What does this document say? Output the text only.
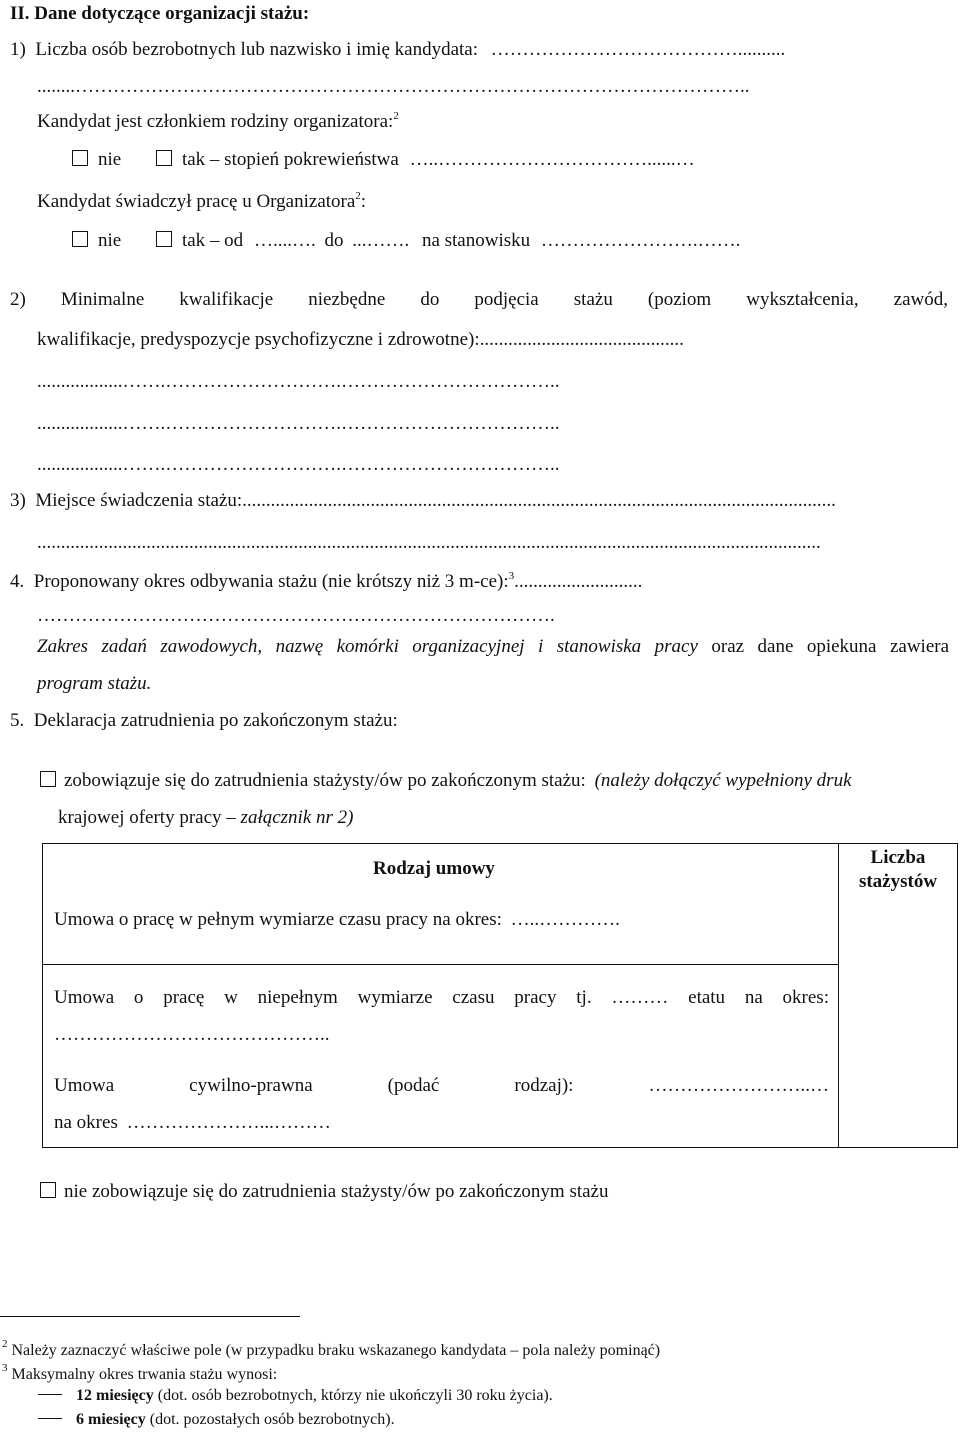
II. Dane dotyczące organizacji stażu:
1)  Liczba osób bezrobotnych lub nazwisko i imię kandydata: …………………………………..........
........……………………………………………………………………………………………..
Kandydat jest członkiem rodziny organizatora:$^2$
nie	tak – stopień pokrewieństwa …..……………………………......…
Kandydat świadczył pracę u Organizatora$^2$:
nie	tak – od …....…. do ...……. na stanowisku …………………….…….
2) Minimalne kwalifikacje niezbędne do podjęcia stażu (poziom wykształcenia, zawód,
kwalifikacje, predyspozycje psychofizyczne i zdrowotne):...........................................
..................…….……………………….……………………………..
..................…….……………………….……………………………..
..................…….……………………….……………………………..
3)  Miejsce świadczenia stażu:.............................................................................................................................
.....................................................................................................................................................................
4.  Proponowany okres odbywania stażu (nie krótszy niż 3 m-ce):$^3$...........................
……………………………………………………………………….
Zakres zadań zawodowych, nazwę komórki organizacyjnej i stanowiska pracy oraz dane opiekuna zawiera
program stażu.
5.  Deklaracja zatrudnienia po zakończonym stażu:
zobowiązuje się do zatrudnienia stażysty/ów po zakończonym stażu: (należy dołączyć wypełniony druk
krajowej oferty pracy – załącznik nr 2)
Rodzaj umowy
Liczba
stażystów
Umowa o pracę w pełnym wymiarze czasu pracy na okres: …..………….
Umowa o pracę w niepełnym wymiarze czasu pracy tj. ……… etatu na okres:
……………………………………..
Umowa cywilno-prawna (podać rodzaj): ……………………..…
na okres …………………...………
nie zobowiązuje się do zatrudnienia stażysty/ów po zakończonym stażu
$^2$ Należy zaznaczyć właściwe pole (w przypadku braku wskazanego kandydata – pola należy pominąć)
$^3$ Maksymalny okres trwania stażu wynosi:
12 miesięcy (dot. osób bezrobotnych, którzy nie ukończyli 30 roku życia).
6 miesięcy (dot. pozostałych osób bezrobotnych).
